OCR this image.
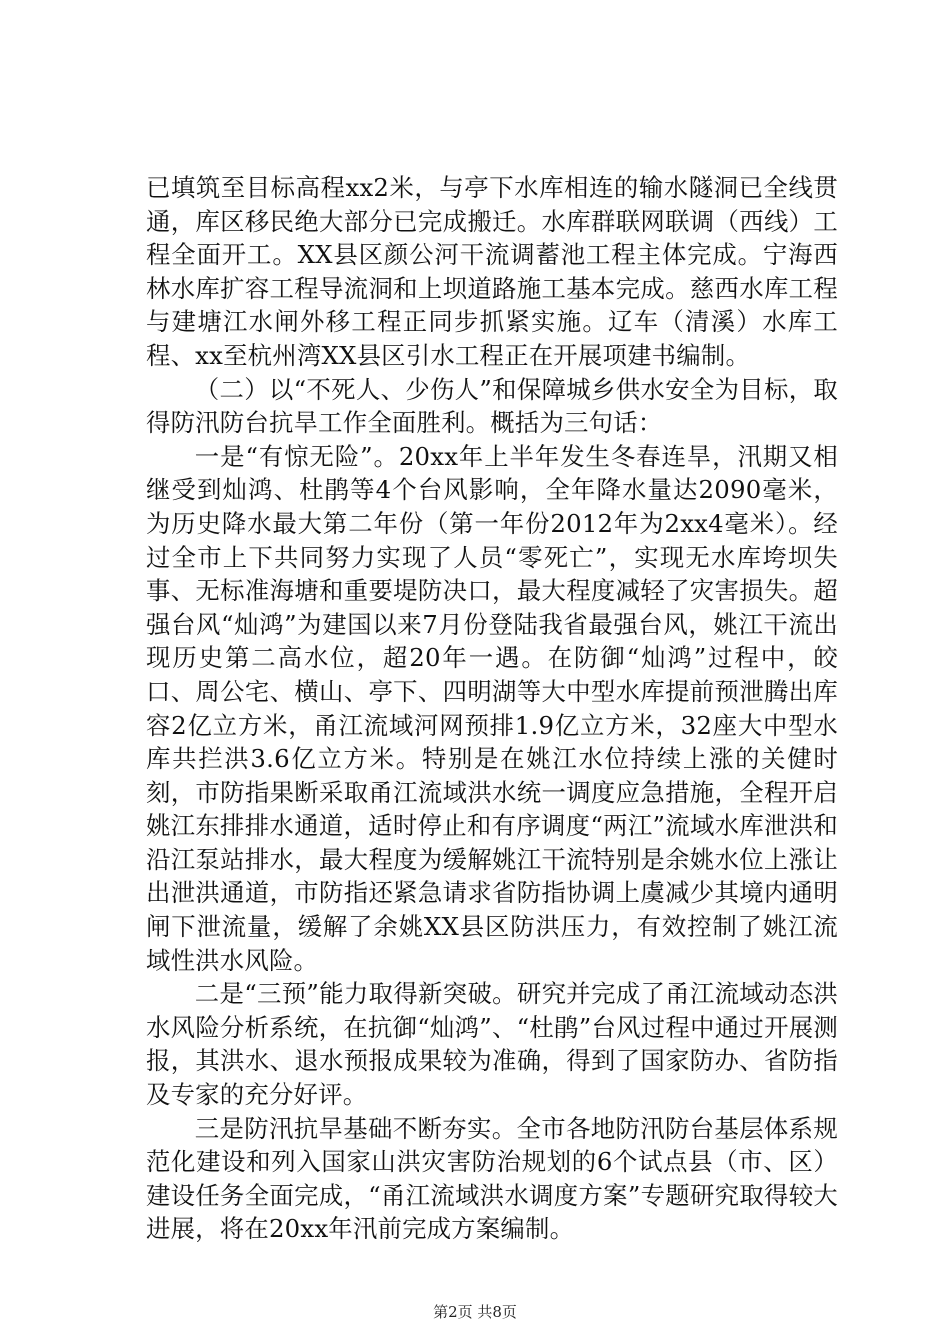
已填筑至目标高程xx2米，与亭下水库相连的输水隧洞已全线贯通，库区移民绝大部分已完成搬迁。水库群联网联调（西线）工程全面开工。XX县区颜公河干流调蓄池工程主体完成。宁海西林水库扩容工程导流洞和上坝道路施工基本完成。慈西水库工程与建塘江水闸外移工程正同步抓紧实施。辽车（清溪）水库工程、xx至杭州湾XX县区引水工程正在开展项建书编制。

（二）以“不死人、少伤人”和保障城乡供水安全为目标，取得防汛防台抗旱工作全面胜利。概括为三句话：

一是“有惊无险”。20xx年上半年发生冬春连旱，汛期又相继受到灿鸿、杜鹃等4个台风影响，全年降水量达2090毫米，为历史降水最大第二年份（第一年份2012年为2xx4毫米）。经过全市上下共同努力实现了人员“零死亡”，实现无水库垮坝失事、无标准海塘和重要堤防决口，最大程度减轻了灾害损失。超强台风“灿鸿”为建国以来7月份登陆我省最强台风，姚江干流出现历史第二高水位，超20年一遇。在防御“灿鸿”过程中，皎口、周公宅、横山、亭下、四明湖等大中型水库提前预泄腾出库容2亿立方米，甬江流域河网预排1.9亿立方米，32座大中型水库共拦洪3.6亿立方米。特别是在姚江水位持续上涨的关健时刻，市防指果断采取甬江流域洪水统一调度应急措施，全程开启姚江东排排水通道，适时停止和有序调度“两江”流域水库泄洪和沿江泵站排水，最大程度为缓解姚江干流特别是余姚水位上涨让出泄洪通道，市防指还紧急请求省防指协调上虞减少其境内通明闸下泄流量，缓解了余姚XX县区防洪压力，有效控制了姚江流域性洪水风险。

二是“三预”能力取得新突破。研究并完成了甬江流域动态洪水风险分析系统，在抗御“灿鸿”、“杜鹃”台风过程中通过开展测报，其洪水、退水预报成果较为准确，得到了国家防办、省防指及专家的充分好评。

三是防汛抗旱基础不断夯实。全市各地防汛防台基层体系规范化建设和列入国家山洪灾害防治规划的6个试点县（市、区）建设任务全面完成，“甬江流域洪水调度方案”专题研究取得较大进展，将在20xx年汛前完成方案编制。

第2页 共8页
